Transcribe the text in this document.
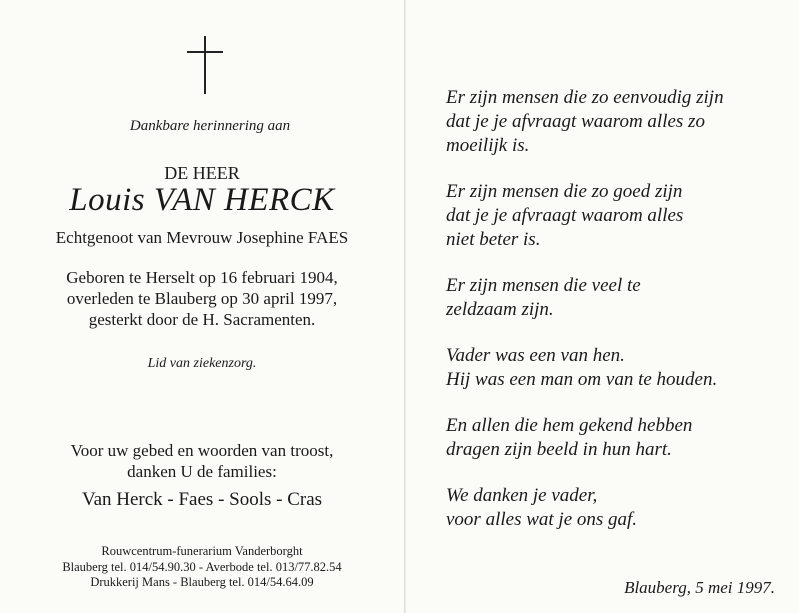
Dankbare herinnering aan
DE HEER
Louis VAN HERCK
Echtgenoot van Mevrouw Josephine FAES
Geboren te Herselt op 16 februari 1904,
overleden te Blauberg op 30 april 1997,
gesterkt door de H. Sacramenten.
Lid van ziekenzorg.
Voor uw gebed en woorden van troost,
danken U de families:
Van Herck - Faes - Sools - Cras
Rouwcentrum-funerarium Vanderborght
Blauberg tel. 014/54.90.30 - Averbode tel. 013/77.82.54
Drukkerij Mans - Blauberg tel. 014/54.64.09
Er zijn mensen die zo eenvoudig zijn
dat je je afvraagt waarom alles zo
moeilijk is.
Er zijn mensen die zo goed zijn
dat je je afvraagt waarom alles
niet beter is.
Er zijn mensen die veel te
zeldzaam zijn.
Vader was een van hen.
Hij was een man om van te houden.
En allen die hem gekend hebben
dragen zijn beeld in hun hart.
We danken je vader,
voor alles wat je ons gaf.
Blauberg, 5 mei 1997.
